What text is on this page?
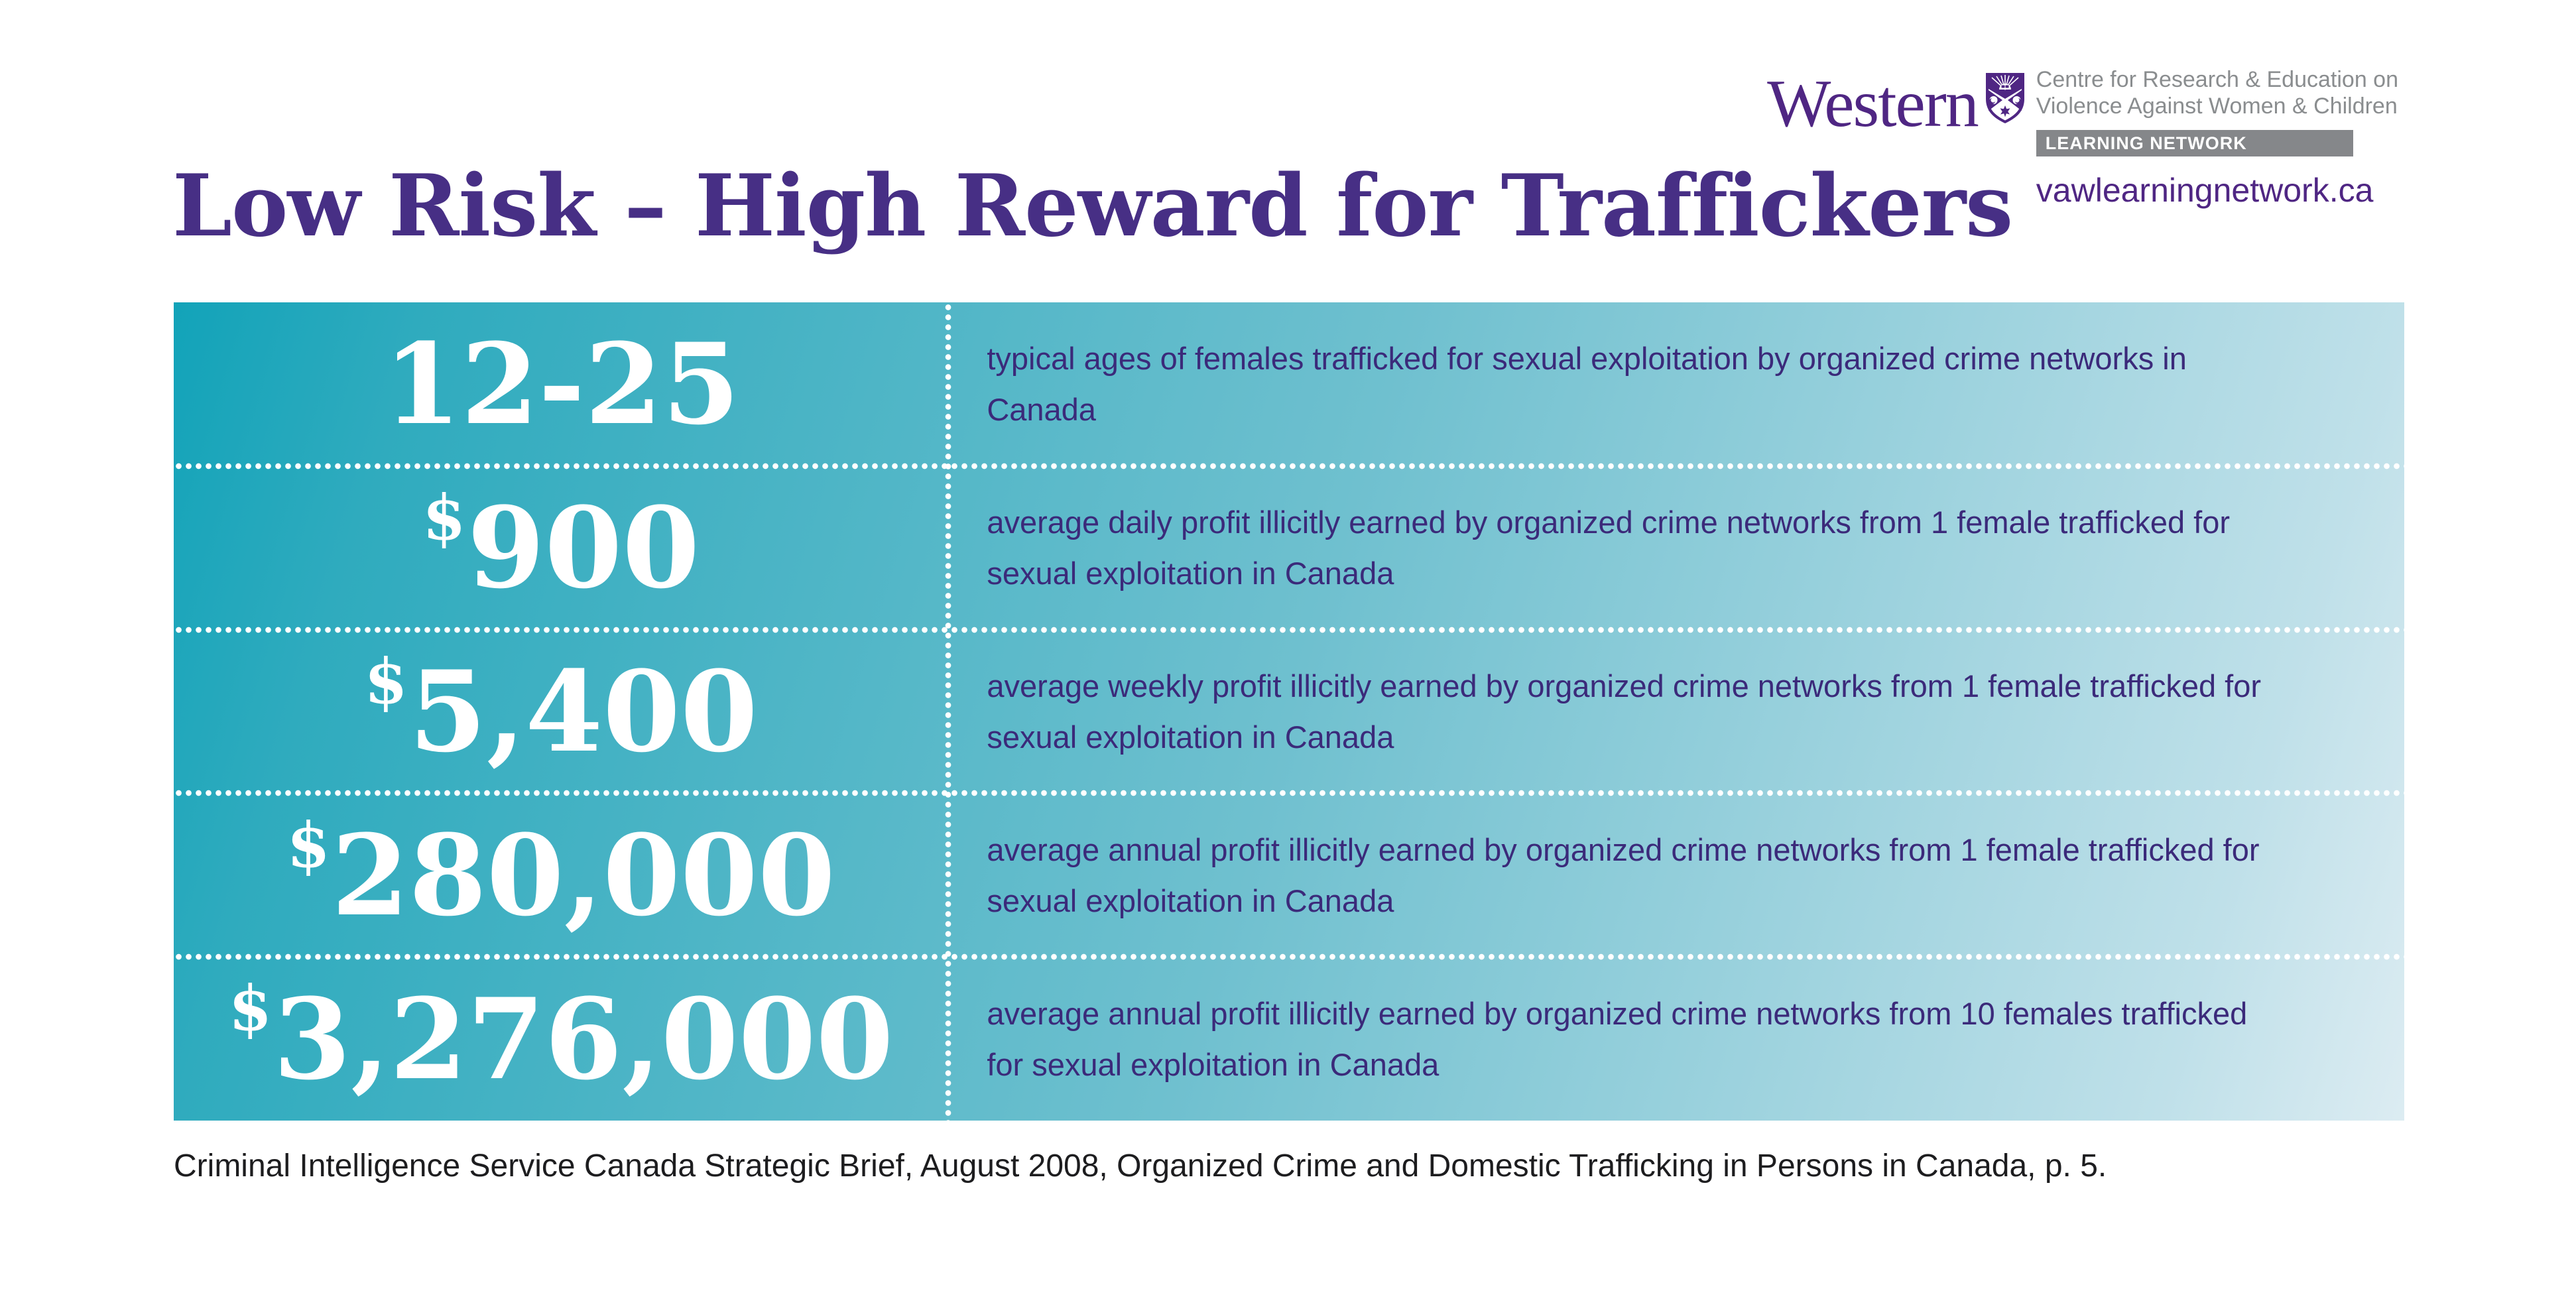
Western	Centre for Research & Education on
Violence Against Women & Children
LEARNING NETWORK
vawlearningnetwork.ca
Low Risk – High Reward for Traffickers
12-25	typical ages of females trafficked for sexual exploitation by organized crime networks in Canada
$ 900	average daily profit illicitly earned by organized crime networks from 1 female trafficked for sexual exploitation in Canada
$ 5,400	average weekly profit illicitly earned by organized crime networks from 1 female trafficked for sexual exploitation in Canada
$ 280,000	average annual profit illicitly earned by organized crime networks from 1 female trafficked for sexual exploitation in Canada
$ 3,276,000	average annual profit illicitly earned by organized crime networks from 10 females trafficked for sexual exploitation in Canada
Criminal Intelligence Service Canada Strategic Brief, August 2008, Organized Crime and Domestic Trafficking in Persons in Canada, p. 5.
